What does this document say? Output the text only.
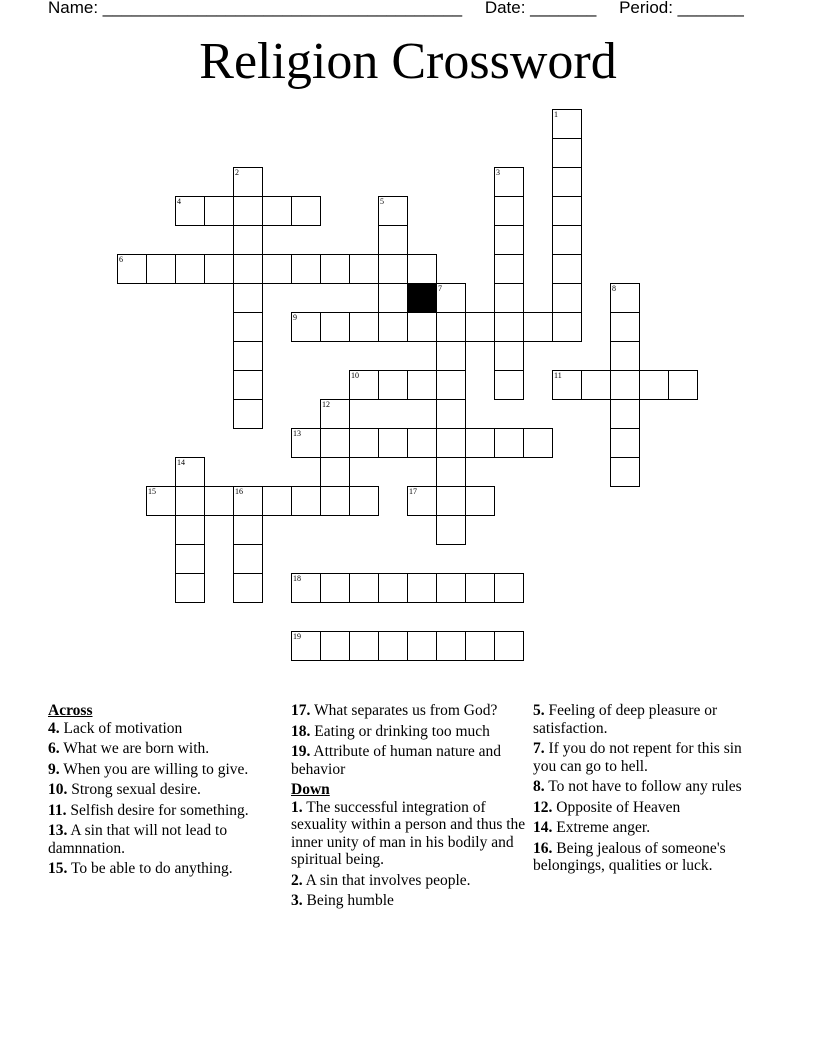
Name: ______________________________________ Date: _______ Period: _______
Religion Crossword
1
2	3
4	5
6
7	8
9
10	11
12
13
14
15	16	17
18
19
Across
4. Lack of motivation
6. What we are born with.
9. When you are willing to give.
10. Strong sexual desire.
11. Selfish desire for something.
13. A sin that will not lead to damnnation.
15. To be able to do anything.
17. What separates us from God?
18. Eating or drinking too much
19. Attribute of human nature and behavior
Down
1. The successful integration of sexuality within a person and thus the inner unity of man in his bodily and spiritual being.
2. A sin that involves people.
3. Being humble
5. Feeling of deep pleasure or satisfaction.
7. If you do not repent for this sin you can go to hell.
8. To not have to follow any rules
12. Opposite of Heaven
14. Extreme anger.
16. Being jealous of someone's belongings, qualities or luck.
